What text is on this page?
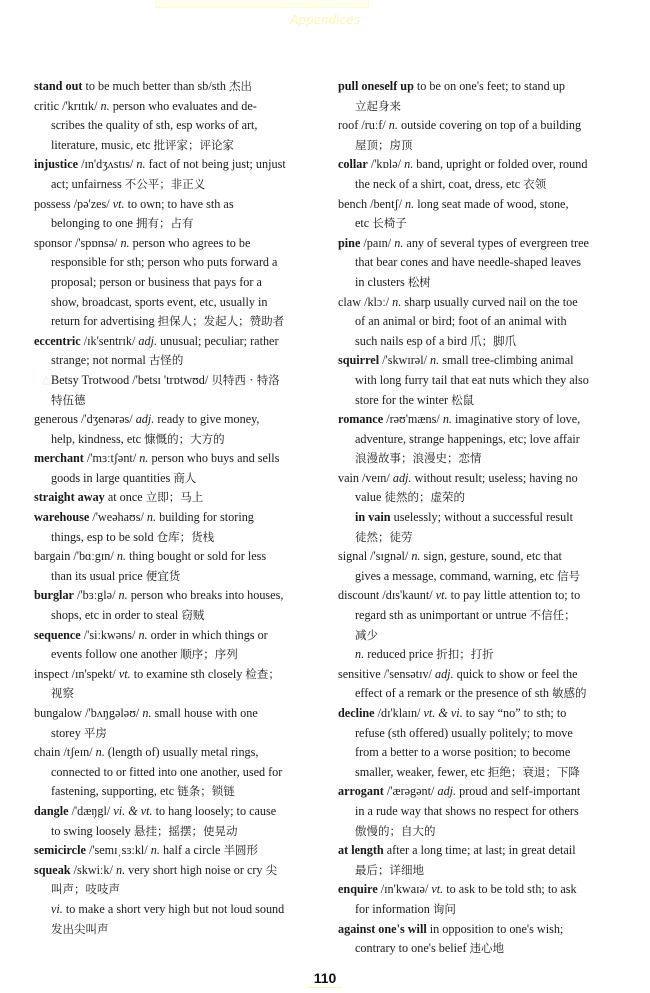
Appendices
stand out to be much better than sb/sth 杰出
critic /'krɪtɪk/ n. person who evaluates and de-
scribes the quality of sth, esp works of art,
literature, music, etc 批评家；评论家
injustice /ɪn'dʒʌstɪs/ n. fact of not being just; unjust
act; unfairness 不公平；非正义
possess /pə'zes/ vt. to own; to have sth as
belonging to one 拥有；占有
sponsor /'spɒnsə/ n. person who agrees to be
responsible for sth; person who puts forward a
proposal; person or business that pays for a
show, broadcast, sports event, etc, usually in
return for advertising 担保人；发起人；赞助者
eccentric /ɪk'sentrɪk/ adj. unusual; peculiar; rather
strange; not normal 古怪的
△ Betsy Trotwood /'betsɪ 'trɒtwʊd/ 贝特西 · 特洛
特伍德
generous /'dʒenərəs/ adj. ready to give money,
help, kindness, etc 慷慨的；大方的
merchant /'mɜːtʃənt/ n. person who buys and sells
goods in large quantities 商人
straight away at once 立即；马上
warehouse /'weəhaʊs/ n. building for storing
things, esp to be sold 仓库；货栈
bargain /'bɑːgɪn/ n. thing bought or sold for less
than its usual price 便宜货
burglar /'bɜːglə/ n. person who breaks into houses,
shops, etc in order to steal 窃贼
sequence /'siːkwəns/ n. order in which things or
events follow one another 顺序；序列
inspect /ɪn'spekt/ vt. to examine sth closely 检查；
视察
bungalow /'bʌŋgələʊ/ n. small house with one
storey 平房
chain /tʃeɪn/ n. (length of) usually metal rings,
connected to or fitted into one another, used for
fastening, supporting, etc 链条；锁链
dangle /'dæŋgl/ vi. & vt. to hang loosely; to cause
to swing loosely 悬挂；摇摆；使晃动
semicircle /'semɪˌsɜːkl/ n. half a circle 半圆形
squeak /skwiːk/ n. very short high noise or cry 尖
叫声；吱吱声
vi. to make a short very high but not loud sound
发出尖叫声
pull oneself up to be on one's feet; to stand up
立起身来
roof /ruːf/ n. outside covering on top of a building
屋顶；房顶
collar /'kɒlə/ n. band, upright or folded over, round
the neck of a shirt, coat, dress, etc 衣领
bench /bentʃ/ n. long seat made of wood, stone,
etc 长椅子
pine /paɪn/ n. any of several types of evergreen tree
that bear cones and have needle-shaped leaves
in clusters 松树
claw /klɔː/ n. sharp usually curved nail on the toe
of an animal or bird; foot of an animal with
such nails esp of a bird 爪；脚爪
squirrel /'skwɪrəl/ n. small tree-climbing animal
with long furry tail that eat nuts which they also
store for the winter 松鼠
romance /rəʊ'mæns/ n. imaginative story of love,
adventure, strange happenings, etc; love affair
浪漫故事；浪漫史；恋情
vain /veɪn/ adj. without result; useless; having no
value 徒然的；虚荣的
in vain uselessly; without a successful result
徒然；徒劳
signal /'sɪgnəl/ n. sign, gesture, sound, etc that
gives a message, command, warning, etc 信号
discount /dɪs'kaunt/ vt. to pay little attention to; to
regard sth as unimportant or untrue 不信任；
减少
n. reduced price 折扣；打折
sensitive /'sensətɪv/ adj. quick to show or feel the
effect of a remark or the presence of sth 敏感的
decline /dɪ'klaɪn/ vt. & vi. to say “no” to sth; to
refuse (sth offered) usually politely; to move
from a better to a worse position; to become
smaller, weaker, fewer, etc 拒绝；衰退；下降
arrogant /'ærəgənt/ adj. proud and self-important
in a rude way that shows no respect for others
傲慢的；自大的
at length after a long time; at last; in great detail
最后；详细地
enquire /ɪn'kwaɪə/ vt. to ask to be told sth; to ask
for information 询问
against one's will in opposition to one's wish;
contrary to one's belief 违心地
110
